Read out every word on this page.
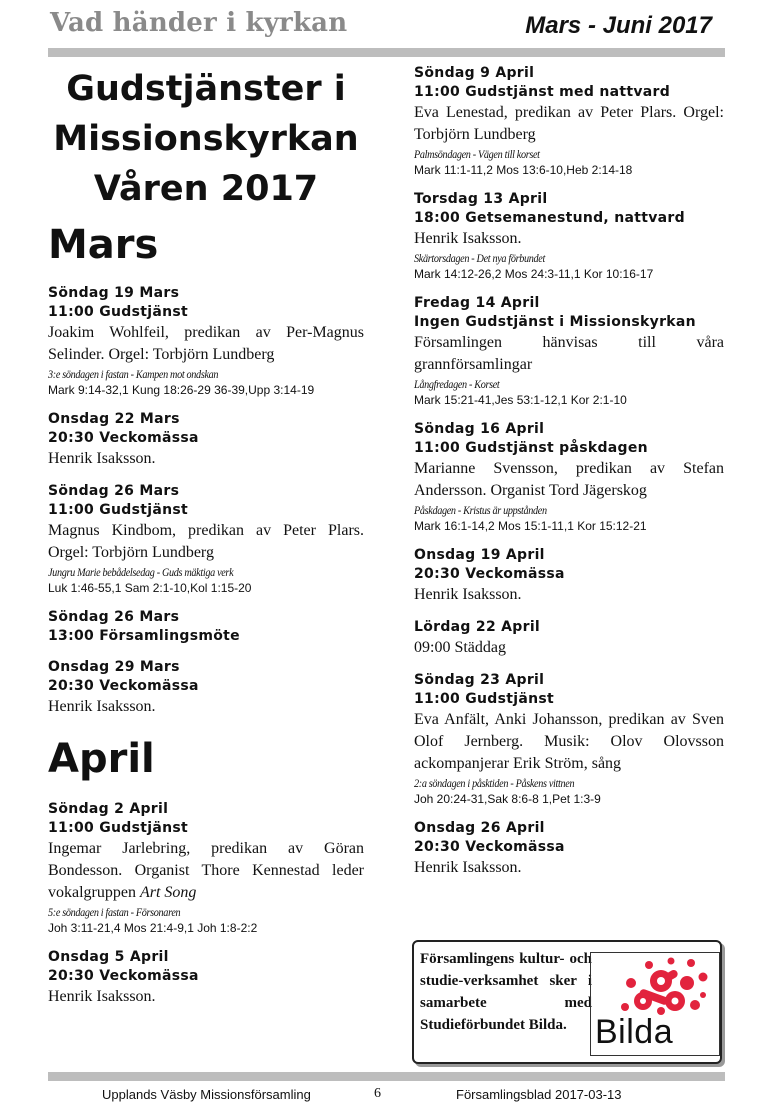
Vad händer i kyrkan	Mars - Juni 2017
Gudstjänster i
Missionskyrkan
Våren 2017
Mars
Söndag 19 Mars
11:00 Gudstjänst
Joakim Wohlfeil, predikan av Per-Magnus Selinder. Orgel: Torbjörn Lundberg
3:e söndagen i fastan - Kampen mot ondskan
Mark 9:14-32,1 Kung 18:26-29 36-39,Upp 3:14-19
Onsdag 22 Mars
20:30 Veckomässa
Henrik Isaksson.
Söndag 26 Mars
11:00 Gudstjänst
Magnus Kindbom, predikan av Peter Plars. Orgel: Torbjörn Lundberg
Jungru Marie bebådelsedag - Guds mäktiga verk
Luk 1:46-55,1 Sam 2:1-10,Kol 1:15-20
Söndag 26 Mars
13:00 Församlingsmöte
Onsdag 29 Mars
20:30 Veckomässa
Henrik Isaksson.
April
Söndag 2 April
11:00 Gudstjänst
Ingemar Jarlebring, predikan av Göran Bondesson. Organist Thore Kennestad leder vokalgruppen Art Song
5:e söndagen i fastan - Försonaren
Joh 3:11-21,4 Mos 21:4-9,1 Joh 1:8-2:2
Onsdag 5 April
20:30 Veckomässa
Henrik Isaksson.
Söndag 9 April
11:00 Gudstjänst med nattvard
Eva Lenestad, predikan av Peter Plars. Orgel: Torbjörn Lundberg
Palmsöndagen - Vägen till korset
Mark 11:1-11,2 Mos 13:6-10,Heb 2:14-18
Torsdag 13 April
18:00 Getsemanestund, nattvard
Henrik Isaksson.
Skärtorsdagen - Det nya förbundet
Mark 14:12-26,2 Mos 24:3-11,1 Kor 10:16-17
Fredag 14 April
Ingen Gudstjänst i Missionskyrkan
Församlingen hänvisas till våra grannförsamlingar
Långfredagen - Korset
Mark 15:21-41,Jes 53:1-12,1 Kor 2:1-10
Söndag 16 April
11:00 Gudstjänst påskdagen
Marianne Svensson, predikan av Stefan Andersson. Organist Tord Jägerskog
Påskdagen - Kristus är uppstånden
Mark 16:1-14,2 Mos 15:1-11,1 Kor 15:12-21
Onsdag 19 April
20:30 Veckomässa
Henrik Isaksson.
Lördag 22 April
09:00 Städdag
Söndag 23 April
11:00 Gudstjänst
Eva Anfält, Anki Johansson, predikan av Sven Olof Jernberg. Musik: Olov Olovsson ackompanjerar Erik Ström, sång
2:a söndagen i påsktiden - Påskens vittnen
Joh 20:24-31,Sak 8:6-8 1,Pet 1:3-9
Onsdag 26 April
20:30 Veckomässa
Henrik Isaksson.
Församlingens kultur- och studie-verksamhet sker i samarbete med Studieförbundet Bilda. Bilda
Upplands Väsby Missionsförsamling	6	Församlingsblad 2017-03-13
